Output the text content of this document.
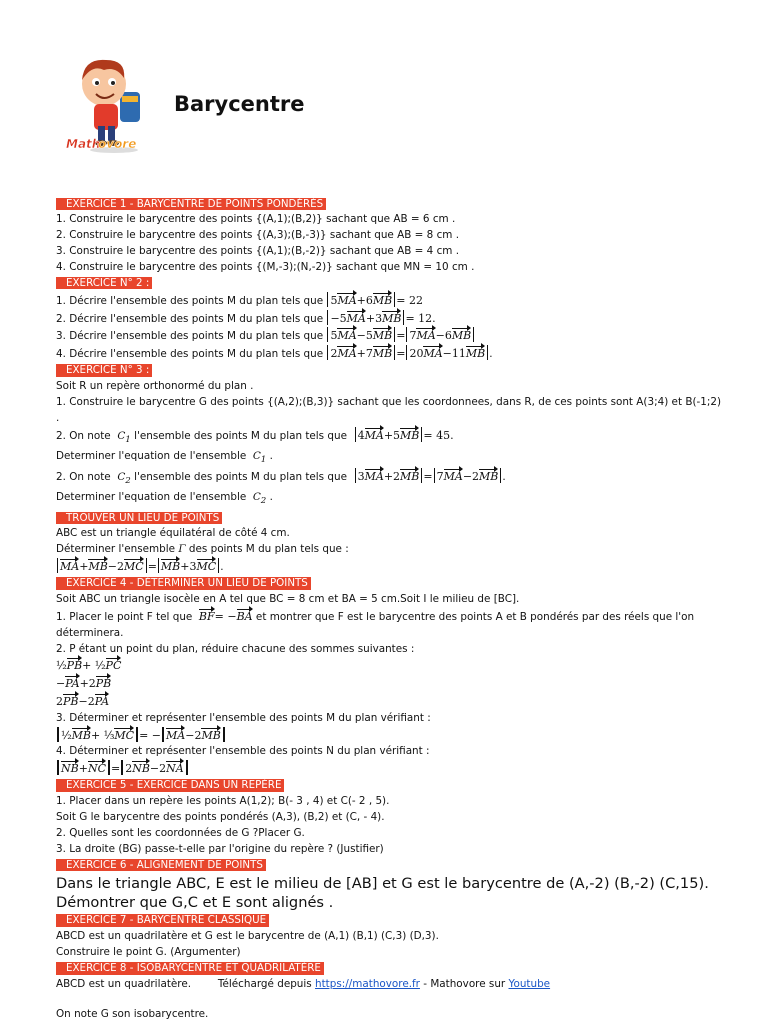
Math
ovore
Barycentre
EXERCICE 1 - BARYCENTRE DE POINTS PONDÉRÉS
1. Construire le barycentre des points {(A,1);(B,2)} sachant que AB = 6 cm .
2. Construire le barycentre des points {(A,3);(B,-3)} sachant que AB = 8 cm .
3. Construire le barycentre des points {(A,1);(B,-2)} sachant que AB = 4 cm .
4. Construire le barycentre des points {(M,-3);(N,-2)} sachant que MN = 10 cm .
EXERCICE N° 2 :
1. Décrire l'ensemble des points M du plan tels que 5MA+6MB = 22
2. Décrire l'ensemble des points M du plan tels que −5MA+3MB = 12.
3. Décrire l'ensemble des points M du plan tels que 5MA−5MB = 7MA−6MB
4. Décrire l'ensemble des points M du plan tels que 2MA+7MB = 20MA−11MB .
EXERCICE N° 3 :
Soit R un repère orthonormé du plan .
1. Construire le barycentre G des points {(A,2);(B,3)} sachant que les coordonnees, dans R, de ces points sont A(3;4) et B(-1;2) .
2. On note $C_1$ l'ensemble des points M du plan tels que 4MA+5MB = 45.
Determiner l'equation de l'ensemble $C_1$ .
2. On note $C_2$ l'ensemble des points M du plan tels que 3MA+2MB = 7MA−2MB .
Determiner l'equation de l'ensemble $C_2$ .
TROUVER UN LIEU DE POINTS
ABC est un triangle équilatéral de côté 4 cm.
Déterminer l'ensemble Γ des points M du plan tels que :
MA+MB−2MC = MB+3MC .
EXERCICE 4 - DÉTERMINER UN LIEU DE POINTS
Soit ABC un triangle isocèle en A tel que BC = 8 cm et BA = 5 cm.Soit I le milieu de [BC].
1. Placer le point F tel que BF= −BA et montrer que F est le barycentre des points A et B pondérés par des réels que l'on déterminera.
2. P étant un point du plan, réduire chacune des sommes suivantes :
½PB+ ½PC
−PA+2PB
2PB−2PA
3. Déterminer et représenter l'ensemble des points M du plan vérifiant :
½MB+ ⅓MC = − MA−2MB
4. Déterminer et représenter l'ensemble des points N du plan vérifiant :
NB+NC = 2NB−2NA
EXERCICE 5 - EXERCICE DANS UN REPÈRE
1. Placer dans un repère les points A(1,2); B(- 3 , 4) et C(- 2 , 5).
Soit G le barycentre des points pondérés (A,3), (B,2) et (C, - 4).
2. Quelles sont les coordonnées de G ?Placer G.
3. La droite (BG) passe-t-elle par l'origine du repère ? (Justifier)
EXERCICE 6 - ALIGNEMENT DE POINTS
Dans le triangle ABC, E est le milieu de [AB] et G est le barycentre de (A,-2) (B,-2) (C,15).
Démontrer que G,C et E sont alignés .
EXERCICE 7 - BARYCENTRE CLASSIQUE
ABCD est un quadrilatère et G est le barycentre de (A,1) (B,1) (C,3) (D,3).
Construire le point G. (Argumenter)
EXERCICE 8 - ISOBARYCENTRE ET QUADRILATÈRE
ABCD est un quadrilatère.
On note G son isobarycentre.
Téléchargé depuis https://mathovore.fr - Mathovore sur Youtube
